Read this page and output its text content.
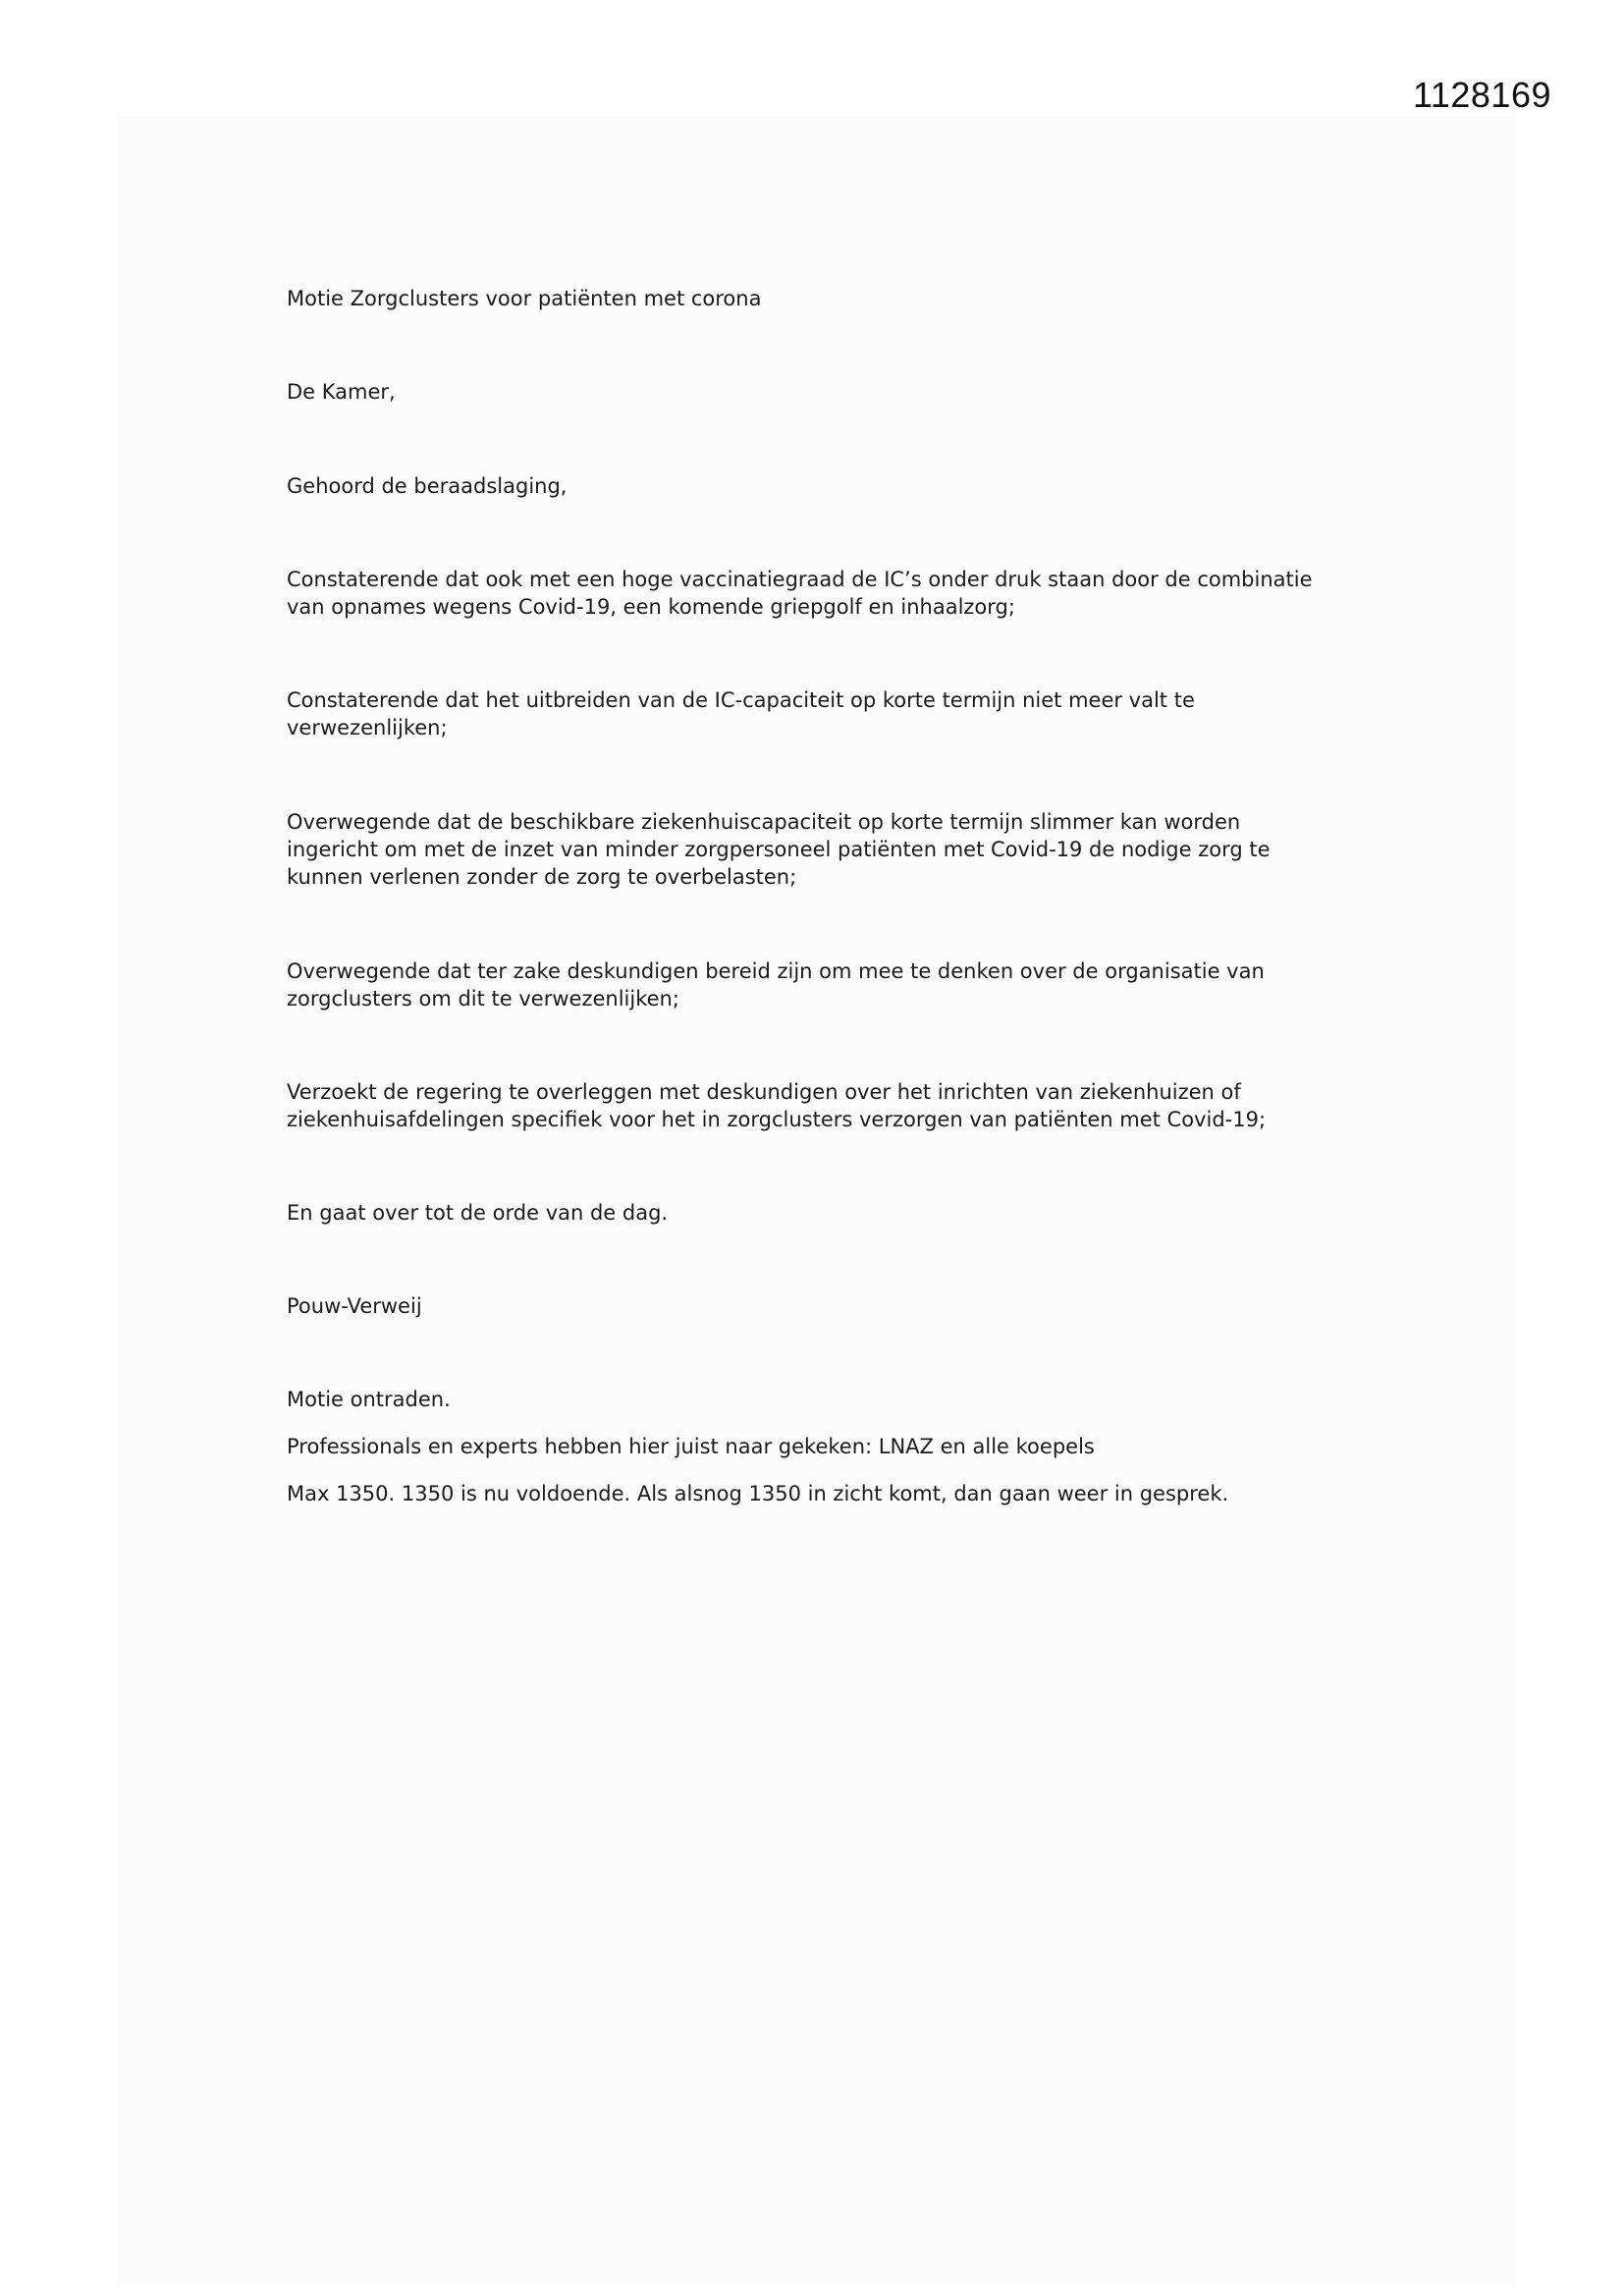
1128169

Motie Zorgclusters voor patiënten met corona

De Kamer,

Gehoord de beraadslaging,

Constaterende dat ook met een hoge vaccinatiegraad de IC’s onder druk staan door de combinatie
van opnames wegens Covid-19, een komende griepgolf en inhaalzorg;

Constaterende dat het uitbreiden van de IC-capaciteit op korte termijn niet meer valt te
verwezenlijken;

Overwegende dat de beschikbare ziekenhuiscapaciteit op korte termijn slimmer kan worden
ingericht om met de inzet van minder zorgpersoneel patiënten met Covid-19 de nodige zorg te
kunnen verlenen zonder de zorg te overbelasten;

Overwegende dat ter zake deskundigen bereid zijn om mee te denken over de organisatie van
zorgclusters om dit te verwezenlijken;

Verzoekt de regering te overleggen met deskundigen over het inrichten van ziekenhuizen of
ziekenhuisafdelingen specifiek voor het in zorgclusters verzorgen van patiënten met Covid-19;

En gaat over tot de orde van de dag.

Pouw-Verweij

Motie ontraden.

Professionals en experts hebben hier juist naar gekeken: LNAZ en alle koepels

Max 1350. 1350 is nu voldoende. Als alsnog 1350 in zicht komt, dan gaan weer in gesprek.
